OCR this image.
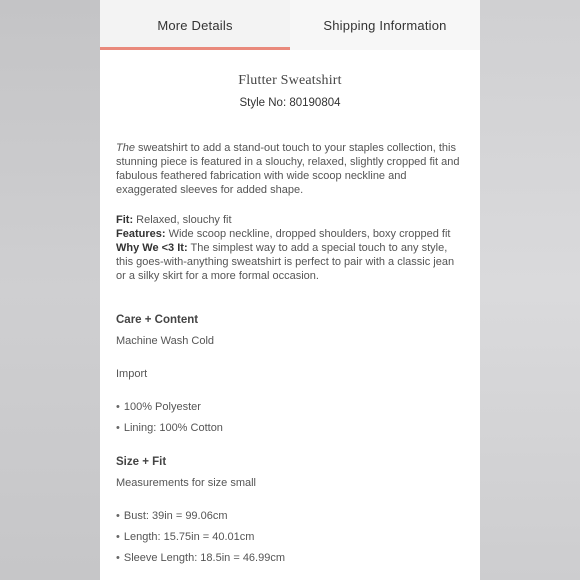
More Details	Shipping Information
Flutter Sweatshirt
Style No: 80190804
The sweatshirt to add a stand-out touch to your staples collection, this stunning piece is featured in a slouchy, relaxed, slightly cropped fit and fabulous feathered fabrication with wide scoop neckline and exaggerated sleeves for added shape.
Fit: Relaxed, slouchy fit
Features: Wide scoop neckline, dropped shoulders, boxy cropped fit
Why We <3 It: The simplest way to add a special touch to any style, this goes-with-anything sweatshirt is perfect to pair with a classic jean or a silky skirt for a more formal occasion.
Care + Content
Machine Wash Cold
Import
• 100% Polyester
• Lining: 100% Cotton
Size + Fit
Measurements for size small
• Bust: 39in = 99.06cm
• Length: 15.75in = 40.01cm
• Sleeve Length: 18.5in = 46.99cm
